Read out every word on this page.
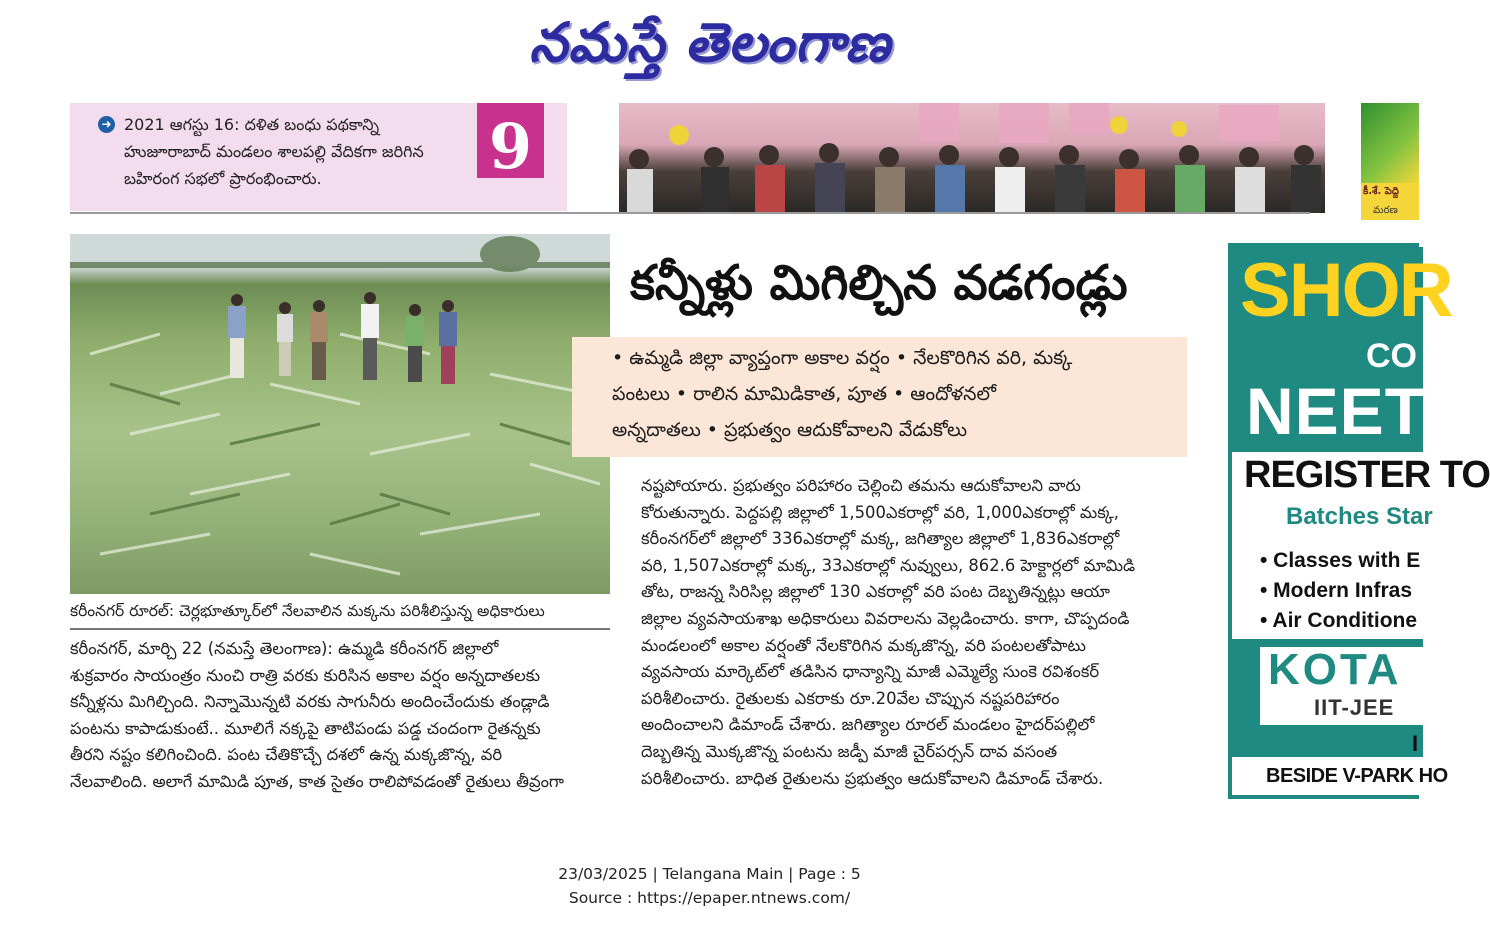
నమస్తే తెలంగాణ
➜ 2021 ఆగస్టు 16: దళిత బంధు పథకాన్ని
హుజూరాబాద్ మండలం శాలపల్లి వేదికగా జరిగిన
బహిరంగ సభలో ప్రారంభించారు.	9
కీ.శే. పెద్ది
మరణ
కరీంనగర్ రూరల్: చెర్లభూత్కూర్‌లో నేలవాలిన మక్కను పరిశీలిస్తున్న అధికారులు
కన్నీళ్లు మిగిల్చిన వడగండ్లు
• ఉమ్మడి జిల్లా వ్యాప్తంగా అకాల వర్షం • నేలకొరిగిన వరి, మక్క
పంటలు • రాలిన మామిడికాత, పూత • ఆందోళనలో
అన్నదాతలు • ప్రభుత్వం ఆదుకోవాలని వేడుకోలు

కరీంనగర్, మార్చి 22 (నమస్తే తెలంగాణ): ఉమ్మడి కరీంనగర్ జిల్లాలో

శుక్రవారం సాయంత్రం నుంచి రాత్రి వరకు కురిసిన అకాల వర్షం అన్నదాతలకు

కన్నీళ్లను మిగిల్చింది. నిన్నామొన్నటి వరకు సాగునీరు అందించేందుకు తండ్లాడి

పంటను కాపాడుకుంటే.. మూలిగే నక్కపై తాటిపండు పడ్డ చందంగా రైతన్నకు

తీరని నష్టం కలిగించింది. పంట చేతికొచ్చే దశలో ఉన్న మక్కజొన్న, వరి

నేలవాలింది. అలాగే మామిడి పూత, కాత సైతం రాలిపోవడంతో రైతులు తీవ్రంగా

నష్టపోయారు. ప్రభుత్వం పరిహారం చెల్లించి తమను ఆదుకోవాలని వారు

కోరుతున్నారు. పెద్దపల్లి జిల్లాలో 1,500ఎకరాల్లో వరి, 1,000ఎకరాల్లో మక్క,

కరీంనగర్‌లో జిల్లాలో 336ఎకరాల్లో మక్క, జగిత్యాల జిల్లాలో 1,836ఎకరాల్లో

వరి, 1,507ఎకరాల్లో మక్క, 33ఎకరాల్లో నువ్వులు, 862.6 హెక్టార్లలో మామిడి

తోట, రాజన్న సిరిసిల్ల జిల్లాలో 130 ఎకరాల్లో వరి పంట దెబ్బతిన్నట్లు ఆయా

జిల్లాల వ్యవసాయశాఖ అధికారులు వివరాలను వెల్లడించారు. కాగా, చొప్పదండి

మండలంలో అకాల వర్షంతో నేలకొరిగిన మక్కజొన్న, వరి పంటలతోపాటు

వ్యవసాయ మార్కెట్‌లో తడిసిన ధాన్యాన్ని మాజీ ఎమ్మెల్యే సుంకె రవిశంకర్

పరిశీలించారు. రైతులకు ఎకరాకు రూ.20వేల చొప్పున నష్టపరిహారం

అందించాలని డిమాండ్ చేశారు. జగిత్యాల రూరల్ మండలం హైదర్‌పల్లిలో

దెబ్బతిన్న మొక్కజొన్న పంటను జడ్పీ మాజీ చైర్‌పర్సన్ దావ వసంత

పరిశీలించారు. బాధిత రైతులను ప్రభుత్వం ఆదుకోవాలని డిమాండ్ చేశారు.

SHOR
CO
NEET
REGISTER TO
Batches Star
• Classes with E
• Modern Infras
• Air Conditione
KOTA
IIT-JEE
I
BESIDE V-PARK HO
23/03/2025 | Telangana Main | Page : 5
Source : https://epaper.ntnews.com/
